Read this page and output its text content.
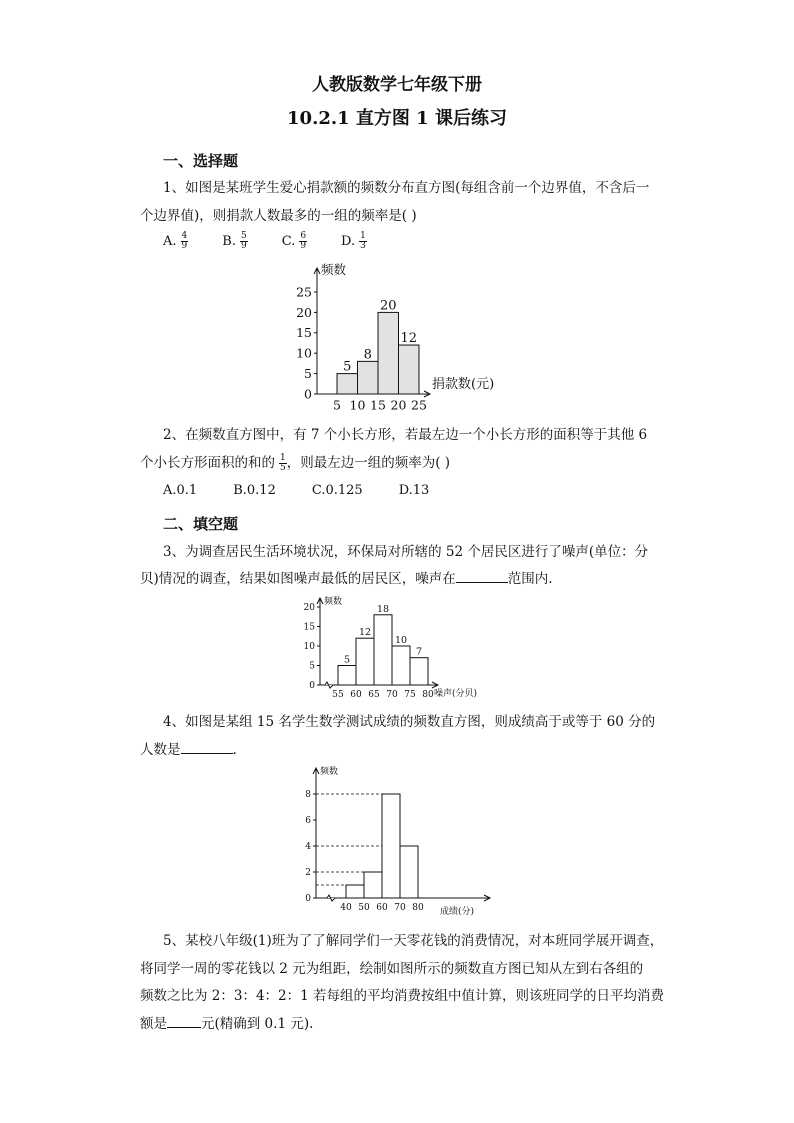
人教版数学七年级下册
10.2.1 直方图 1 课后练习
一、选择题
1、如图是某班学生爱心捐款额的频数分布直方图(每组含前一个边界值，不含后一
个边界值)，则捐款人数最多的一组的频率是( )
A. $\frac{4}{9}$	B. $\frac{5}{9}$	C. $\frac{6}{9}$	D. $\frac{1}{3}$
频数
0
5
10
15
20
25
5
8
20
12
5 10 15 20 25
捐款数(元)
2、在频数直方图中，有 7 个小长方形，若最左边一个小长方形的面积等于其他 6
个小长方形面积的和的 $\frac{1}{5}$ ，则最左边一组的频率为( )
A.0.1	B.0.12	C.0.125	D.13
二、填空题
3、为调查居民生活环境状况，环保局对所辖的 52 个居民区进行了噪声(单位：分
贝)情况的调查，结果如图噪声最低的居民区，噪声在	范围内.
频数
0
5
10
15
20
5
12
18
10
7
55 60 65 70 75 80 噪声(分贝)
4、如图是某组 15 名学生数学测试成绩的频数直方图，则成绩高于或等于 60 分的
人数是	.
频数
0
2
4
6
8
40 50 60 70 80 成绩(分)
5、某校八年级(1)班为了了解同学们一天零花钱的消费情况，对本班同学展开调查，
将同学一周的零花钱以 2 元为组距，绘制如图所示的频数直方图已知从左到右各组的
频数之比为 2：3：4：2：1 若每组的平均消费按组中值计算，则该班同学的日平均消费
额是	元(精确到 0.1 元).
